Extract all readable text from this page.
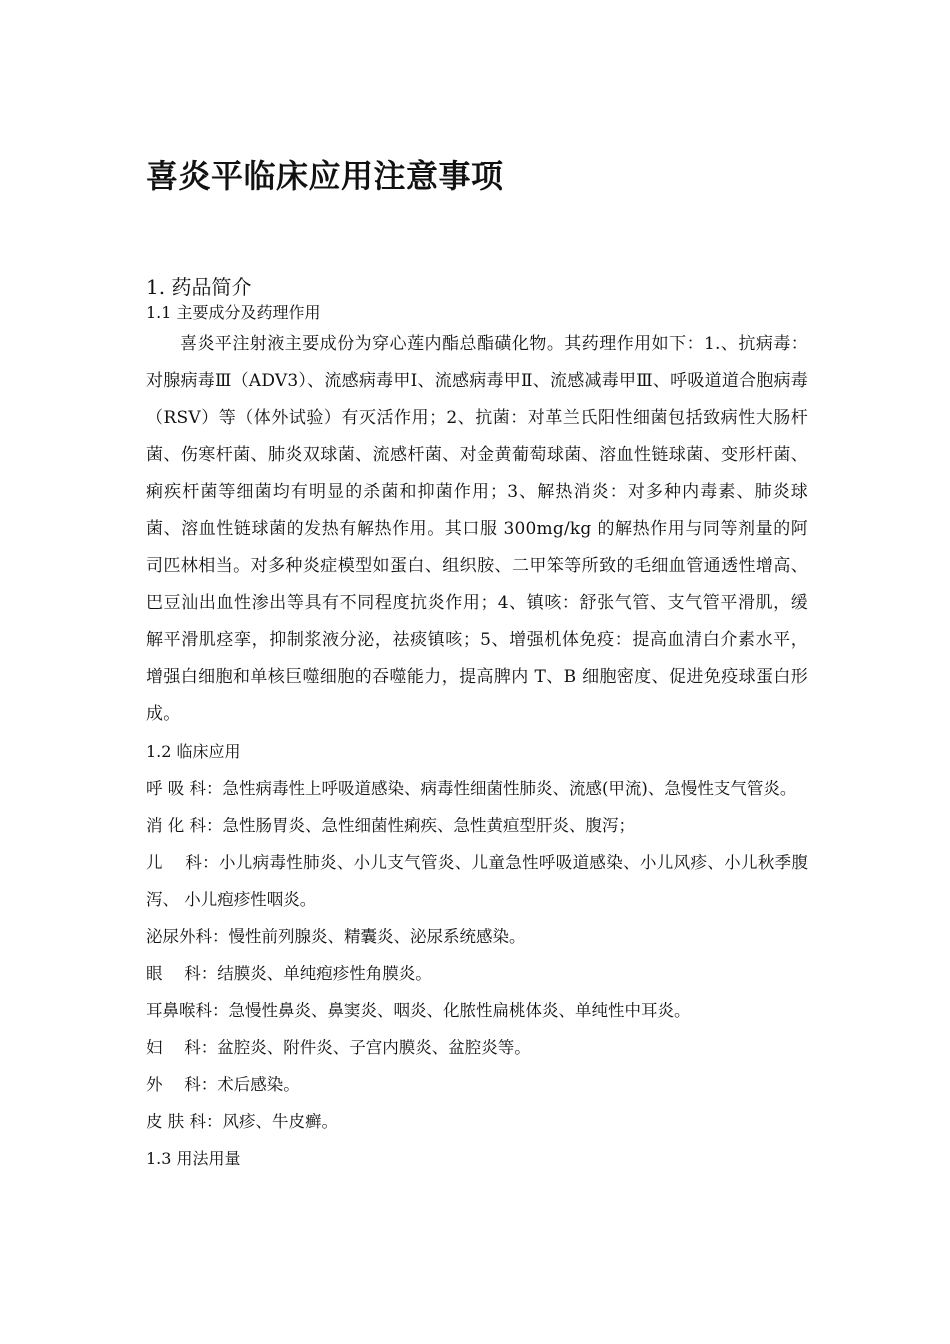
喜炎平临床应用注意事项
1. 药品简介
1.1 主要成分及药理作用
喜炎平注射液主要成份为穿心莲内酯总酯磺化物。其药理作用如下：1.、抗病毒：对腺病毒Ⅲ（ADV3）、流感病毒甲Ⅰ、流感病毒甲Ⅱ、流感减毒甲Ⅲ、呼吸道道合胞病毒（RSV）等（体外试验）有灭活作用；2、抗菌：对革兰氏阳性细菌包括致病性大肠杆菌、伤寒杆菌、肺炎双球菌、流感杆菌、对金黄葡萄球菌、溶血性链球菌、变形杆菌、痢疾杆菌等细菌均有明显的杀菌和抑菌作用；3、解热消炎：对多种内毒素、肺炎球菌、溶血性链球菌的发热有解热作用。其口服 300mg/kg 的解热作用与同等剂量的阿司匹林相当。对多种炎症模型如蛋白、组织胺、二甲笨等所致的毛细血管通透性增高、巴豆汕出血性渗出等具有不同程度抗炎作用；4、镇咳：舒张气管、支气管平滑肌，缓解平滑肌痉挛，抑制浆液分泌，祛痰镇咳；5、增强机体免疫：提高血清白介素水平，增强白细胞和单核巨噬细胞的吞噬能力，提高脾内 T、B 细胞密度、促进免疫球蛋白形成。
1.2 临床应用
呼 吸 科：急性病毒性上呼吸道感染、病毒性细菌性肺炎、流感(甲流)、急慢性支气管炎。
消 化 科：急性肠胃炎、急性细菌性痢疾、急性黄疸型肝炎、腹泻；
儿　 科：小儿病毒性肺炎、小儿支气管炎、儿童急性呼吸道感染、小儿风疹、小儿秋季腹泻、 小儿疱疹性咽炎。
泌尿外科：慢性前列腺炎、精囊炎、泌尿系统感染。
眼　 科：结膜炎、单纯疱疹性角膜炎。
耳鼻喉科：急慢性鼻炎、鼻窦炎、咽炎、化脓性扁桃体炎、单纯性中耳炎。
妇　 科：盆腔炎、附件炎、子宫内膜炎、盆腔炎等。
外　 科：术后感染。
皮 肤 科：风疹、牛皮癣。
1.3 用法用量
